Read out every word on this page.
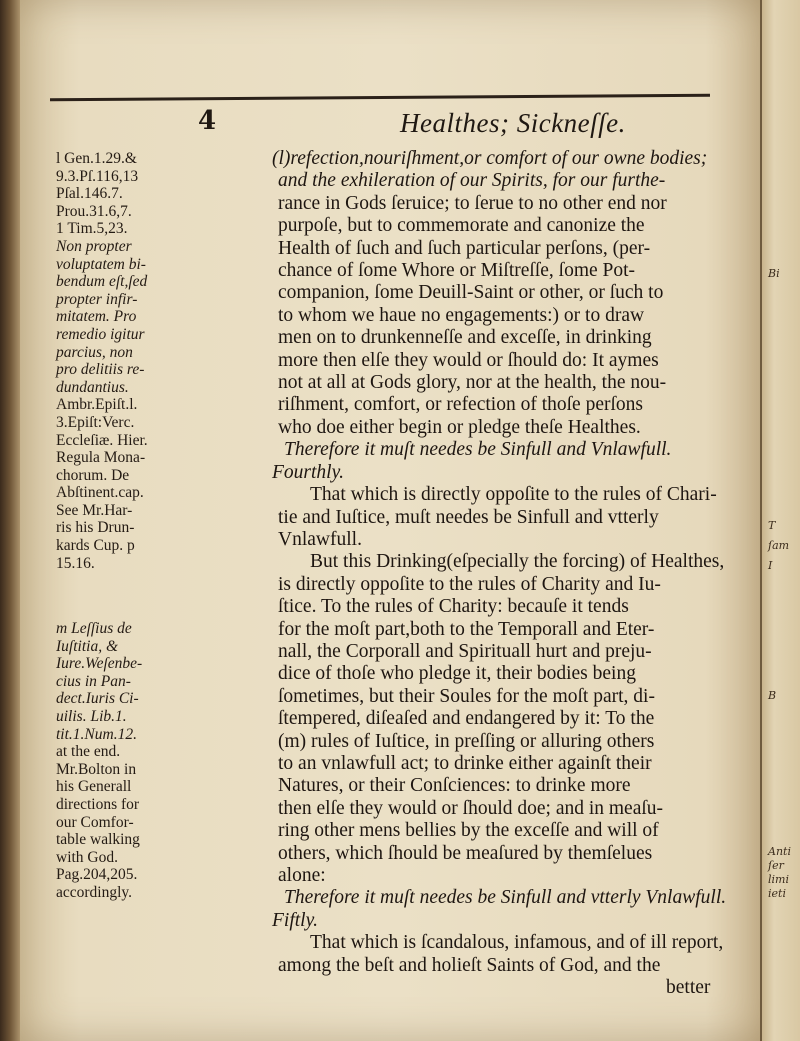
4	Healthes; Sickneſſe.
l Gen.1.29.&
9.3.Pſ.116,13
Pſal.146.7.
Prou.31.6,7.
1 Tim.5,23.
Non propter
voluptatem bi-
bendum eſt,ſed
propter infir-
mitatem. Pro
remedio igitur
parcius, non
pro delitiis re-
dundantius.
Ambr.Epiſt.l.
3.Epiſt:Verc.
Eccleſiæ. Hier.
Regula Mona-
chorum. De
Abſtinent.cap.
See Mr.Har-
ris his Drun-
kards Cup. p
15.16.
m Leſſius de
Iuſtitia, &
Iure.Weſenbe-
cius in Pan-
dect.Iuris Ci-
uilis. Lib.1.
tit.1.Num.12.
at the end.
Mr.Bolton in
his Generall
directions for
our Comfor-
table walking
with God.
Pag.204,205.
accordingly.
(l)refection,nouriſhment,or comfort of our owne bodies;
and the exhileration of our Spirits, for our furthe-
rance in Gods ſeruice; to ſerue to no other end nor
purpoſe, but to commemorate and canonize the
Health of ſuch and ſuch particular perſons, (per-
chance of ſome Whore or Miſtreſſe, ſome Pot-
companion, ſome Deuill-Saint or other, or ſuch to
to whom we haue no engagements:) or to draw
men on to drunkenneſſe and exceſſe, in drinking
more then elſe they would or ſhould do: It aymes
not at all at Gods glory, nor at the health, the nou-
riſhment, comfort, or refection of thoſe perſons
who doe either begin or pledge theſe Healthes.
Therefore it muſt needes be Sinfull and Vnlawfull.
Fourthly.
That which is directly oppoſite to the rules of Chari-
tie and Iuſtice, muſt needes be Sinfull and vtterly
Vnlawfull.
But this Drinking(eſpecially the forcing) of Healthes,
is directly oppoſite to the rules of Charity and Iu-
ſtice. To the rules of Charity: becauſe it tends
for the moſt part,both to the Temporall and Eter-
nall, the Corporall and Spirituall hurt and preju-
dice of thoſe who pledge it, their bodies being
ſometimes, but their Soules for the moſt part, di-
ſtempered, diſeaſed and endangered by it: To the
(m) rules of Iuſtice, in preſſing or alluring others
to an vnlawfull act; to drinke either againſt their
Natures, or their Conſciences: to drinke more
then elſe they would or ſhould doe; and in meaſu-
ring other mens bellies by the exceſſe and will of
others, which ſhould be meaſured by themſelues
alone:
Therefore it muſt needes be Sinfull and vtterly Vnlawfull.
Fiftly.
That which is ſcandalous, infamous, and of ill report,
among the beſt and holieſt Saints of God, and the
better
Bi
T
ſam
I
B
Anti
ſer
limi
ieti
